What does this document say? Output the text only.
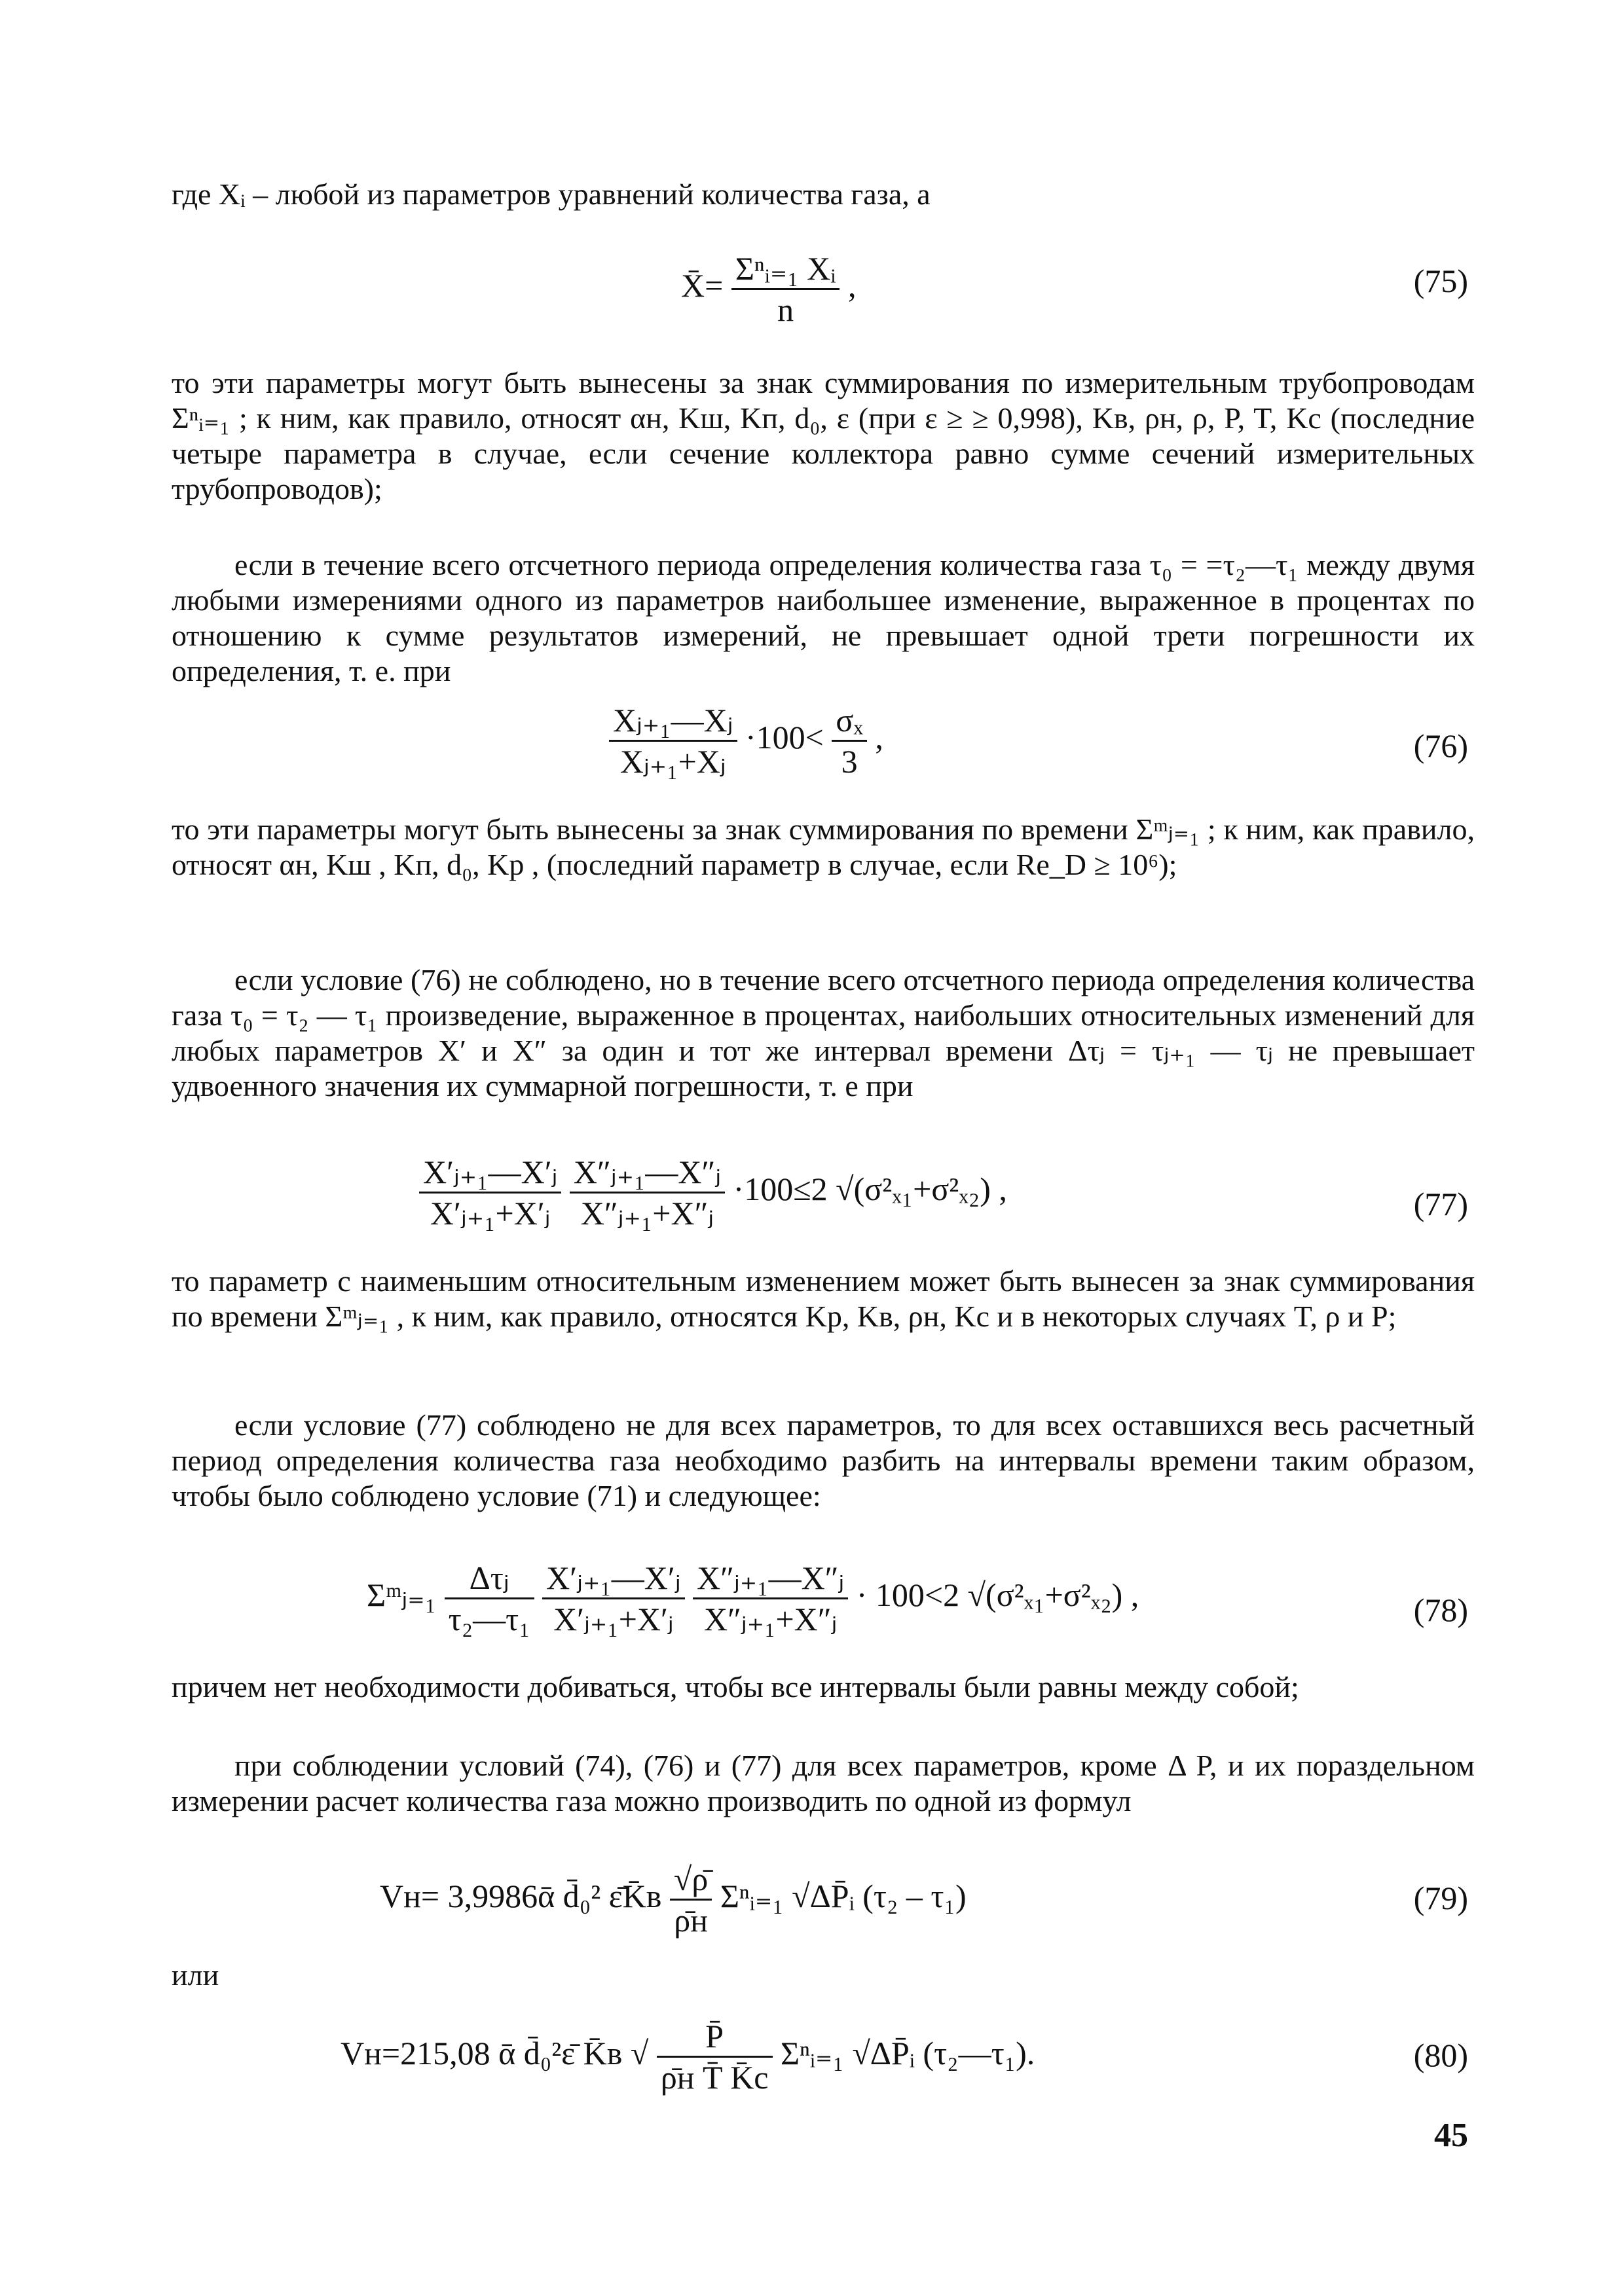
где Xᵢ – любой из параметров уравнений количества газа, а
X̄= $\frac{\text{Σⁿᵢ₌₁ Xᵢ}}{n}$ ,	(75)
то эти параметры могут быть вынесены за знак суммирования по измерительным трубопроводам Σⁿᵢ₌₁ ; к ним, как правило, относят αн, Kш, Kп, d₀, ε (при ε ≥ ≥ 0,998), Kв, ρн, ρ, P, T, Kс (последние четыре параметра в случае, если сечение коллектора равно сумме сечений измерительных трубопроводов);
если в течение всего отсчетного периода определения количества газа τ₀ = =τ₂—τ₁ между двумя любыми измерениями одного из параметров наибольшее изменение, выраженное в процентах по отношению к сумме результатов измерений, не превышает одной трети погрешности их определения, т. е. при
$\frac{\text{Xⱼ₊₁—Xⱼ}}{\text{Xⱼ₊₁+Xⱼ}} \cdot 100< \frac{\text{σₓ}}{3}$ ,	(76)
то эти параметры могут быть вынесены за знак суммирования по времени Σᵐⱼ₌₁ ; к ним, как правило, относят αн, Kш , Kп, d₀, Kр , (последний параметр в случае, если Re_D ≥ 10⁶);
если условие (76) не соблюдено, но в течение всего отсчетного периода определения количества газа τ₀ = τ₂ — τ₁ произведение, выраженное в процентах, наибольших относительных изменений для любых параметров X′ и X″ за один и тот же интервал времени Δτⱼ = τⱼ₊₁ — τⱼ не превышает удвоенного значения их суммарной погрешности, т. е при
$\frac{\text{X′ⱼ₊₁—X′ⱼ}}{\text{X′ⱼ₊₁+X′ⱼ}}$
$\frac{\text{X″ⱼ₊₁—X″ⱼ}}{\text{X″ⱼ₊₁+X″ⱼ}} \cdot 100\le 2$ √(σ²ₓ₁+σ²ₓ₂) ,	(77)
то параметр с наименьшим относительным изменением может быть вынесен за знак суммирования по времени Σᵐⱼ₌₁ , к ним, как правило, относятся Kр, Kв, ρн, Kс и в некоторых случаях T, ρ и P;
если условие (77) соблюдено не для всех параметров, то для всех оставшихся весь расчетный период определения количества газа необходимо разбить на интервалы времени таким образом, чтобы было соблюдено условие (71) и следующее:
Σᵐⱼ₌₁ $\frac{\text{Δτⱼ}}{\text{τ₂—τ₁}}$
$\frac{\text{X′ⱼ₊₁—X′ⱼ}}{\text{X′ⱼ₊₁+X′ⱼ}}$
$\frac{\text{X″ⱼ₊₁—X″ⱼ}}{\text{X″ⱼ₊₁+X″ⱼ}} \cdot 100<2$ √(σ²ₓ₁+σ²ₓ₂) ,	(78)
причем нет необходимости добиваться, чтобы все интервалы были равны между собой;
при соблюдении условий (74), (76) и (77) для всех параметров, кроме Δ P, и их пораздельном измерении расчет количества газа можно производить по одной из формул
Vн= 3,9986ᾱ d̄₀² ε̄K̄в $\frac{√\rhō}{\rhōн}$ Σⁿᵢ₌₁ √ΔP̄ᵢ (τ₂ – τ₁)	(79)
или
Vн=215,08 ᾱ d̄₀²ε̄ K̄в √ $\frac{P̄}{\text{ρ̄н T̄ K̄с}}$ Σⁿᵢ₌₁ √ΔP̄ᵢ (τ₂—τ₁).	(80)
45
